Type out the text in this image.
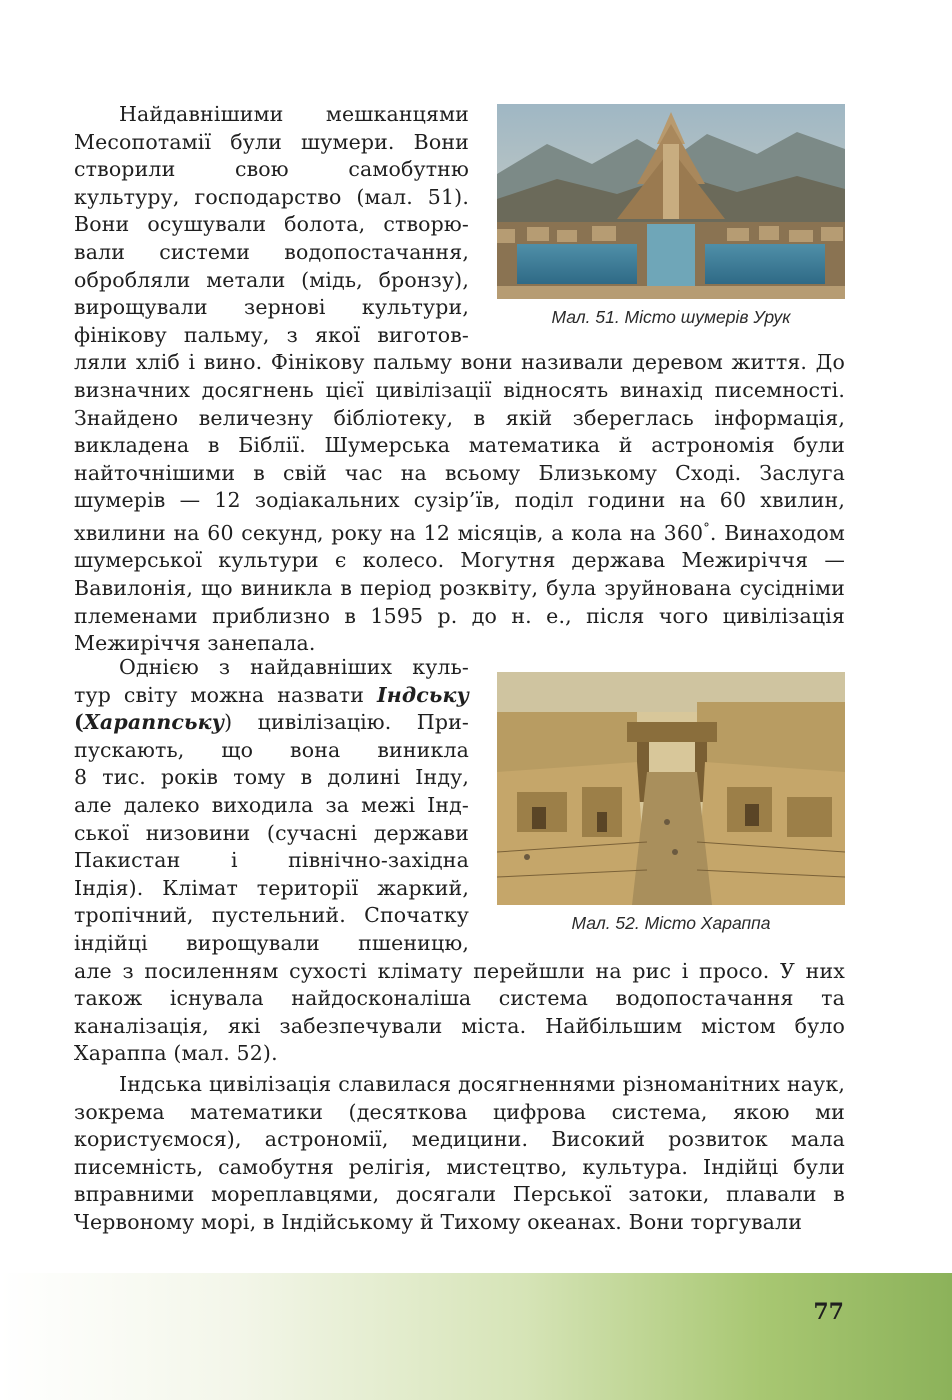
Найдавнішими мешканцями
Месопотамії були шумери. Вони
створили свою самобутню
культуру, господарство (мал. 51).
Вони осушували болота, створю-
вали системи водопостачання,
обробляли метали (мідь, бронзу),
вирощували зернові культури,
фінікову пальму, з якої виготов-
ляли хліб і вино. Фінікову пальму вони називали деревом життя. До визначних досягнень цієї цивілізації відносять винахід писемності. Знайдено величезну бібліотеку, в якій збереглась інформація, викладена в Біблії. Шумерська математика й астрономія були найточнішими в свій час на всьому Близькому Сході. Заслуга шумерів — 12 зодіакальних сузір’їв, поділ години на 60 хвилин, хвилини на 60 секунд, року на 12 місяців, а кола на 360°. Винаходом шумерської культури є колесо. Могутня держава Межиріччя — Вавилонія, що виникла в період розквіту, була зруйнована сусідніми племенами приблизно в 1595 р. до н. е., після чого цивілізація Межиріччя занепала.
Мал. 51. Місто шумерів Урук
Однією з найдавніших куль-
тур світу можна назвати Індську
(Хараппську) цивілізацію. При-
пускають, що вона виникла
8 тис. років тому в долині Інду,
але далеко виходила за межі Інд-
ської низовини (сучасні держави
Пакистан і північно-західна
Індія). Клімат території жаркий,
тропічний, пустельний. Спочатку
індійці вирощували пшеницю,
але з посиленням сухості клімату перейшли на рис і просо. У них також існувала найдосконаліша система водопостачання та каналізація, які забезпечували міста. Найбільшим містом було Хараппа (мал. 52).
Мал. 52. Місто Хараппа
Індська цивілізація славилася досягненнями різноманітних наук, зокрема математики (десяткова цифрова система, якою ми користуємося), астрономії, медицини. Високий розвиток мала писемність, самобутня релігія, мистецтво, культура. Індійці були вправними мореплавцями, досягали Перської затоки, плавали в Червоному морі, в Індійському й Тихому океанах. Вони торгували
77
